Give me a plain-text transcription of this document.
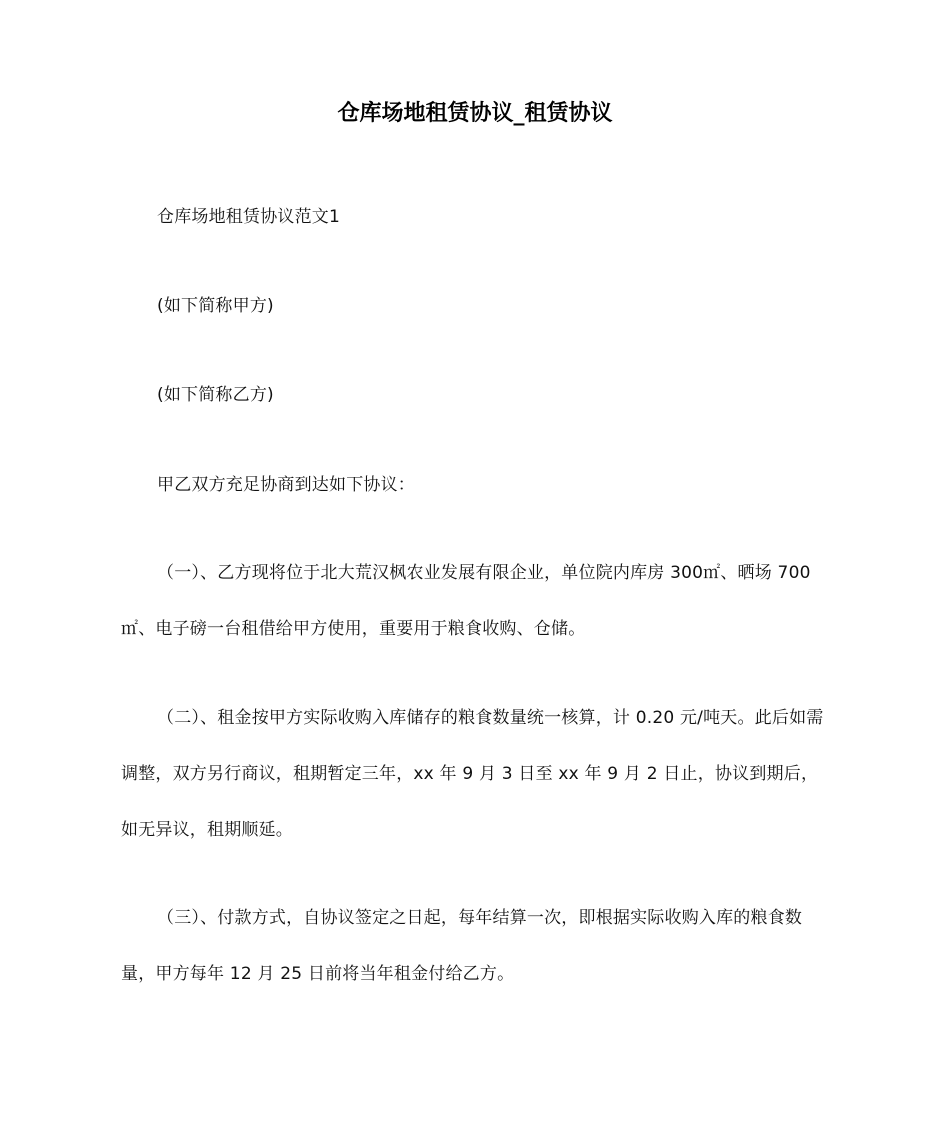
仓库场地租赁协议_租赁协议

仓库场地租赁协议范文1

(如下简称甲方)

(如下简称乙方)

甲乙双方充足协商到达如下协议：

（一）、乙方现将位于北大荒汉枫农业发展有限企业，单位院内库房 300㎡、晒场 700㎡、电子磅一台租借给甲方使用，重要用于粮食收购、仓储。

（二）、租金按甲方实际收购入库储存的粮食数量统一核算，计 0.20 元/吨天。此后如需调整，双方另行商议，租期暂定三年，xx 年 9 月 3 日至 xx 年 9 月 2 日止，协议到期后，如无异议，租期顺延。

（三）、付款方式，自协议签定之日起，每年结算一次，即根据实际收购入库的粮食数量，甲方每年 12 月 25 日前将当年租金付给乙方。
